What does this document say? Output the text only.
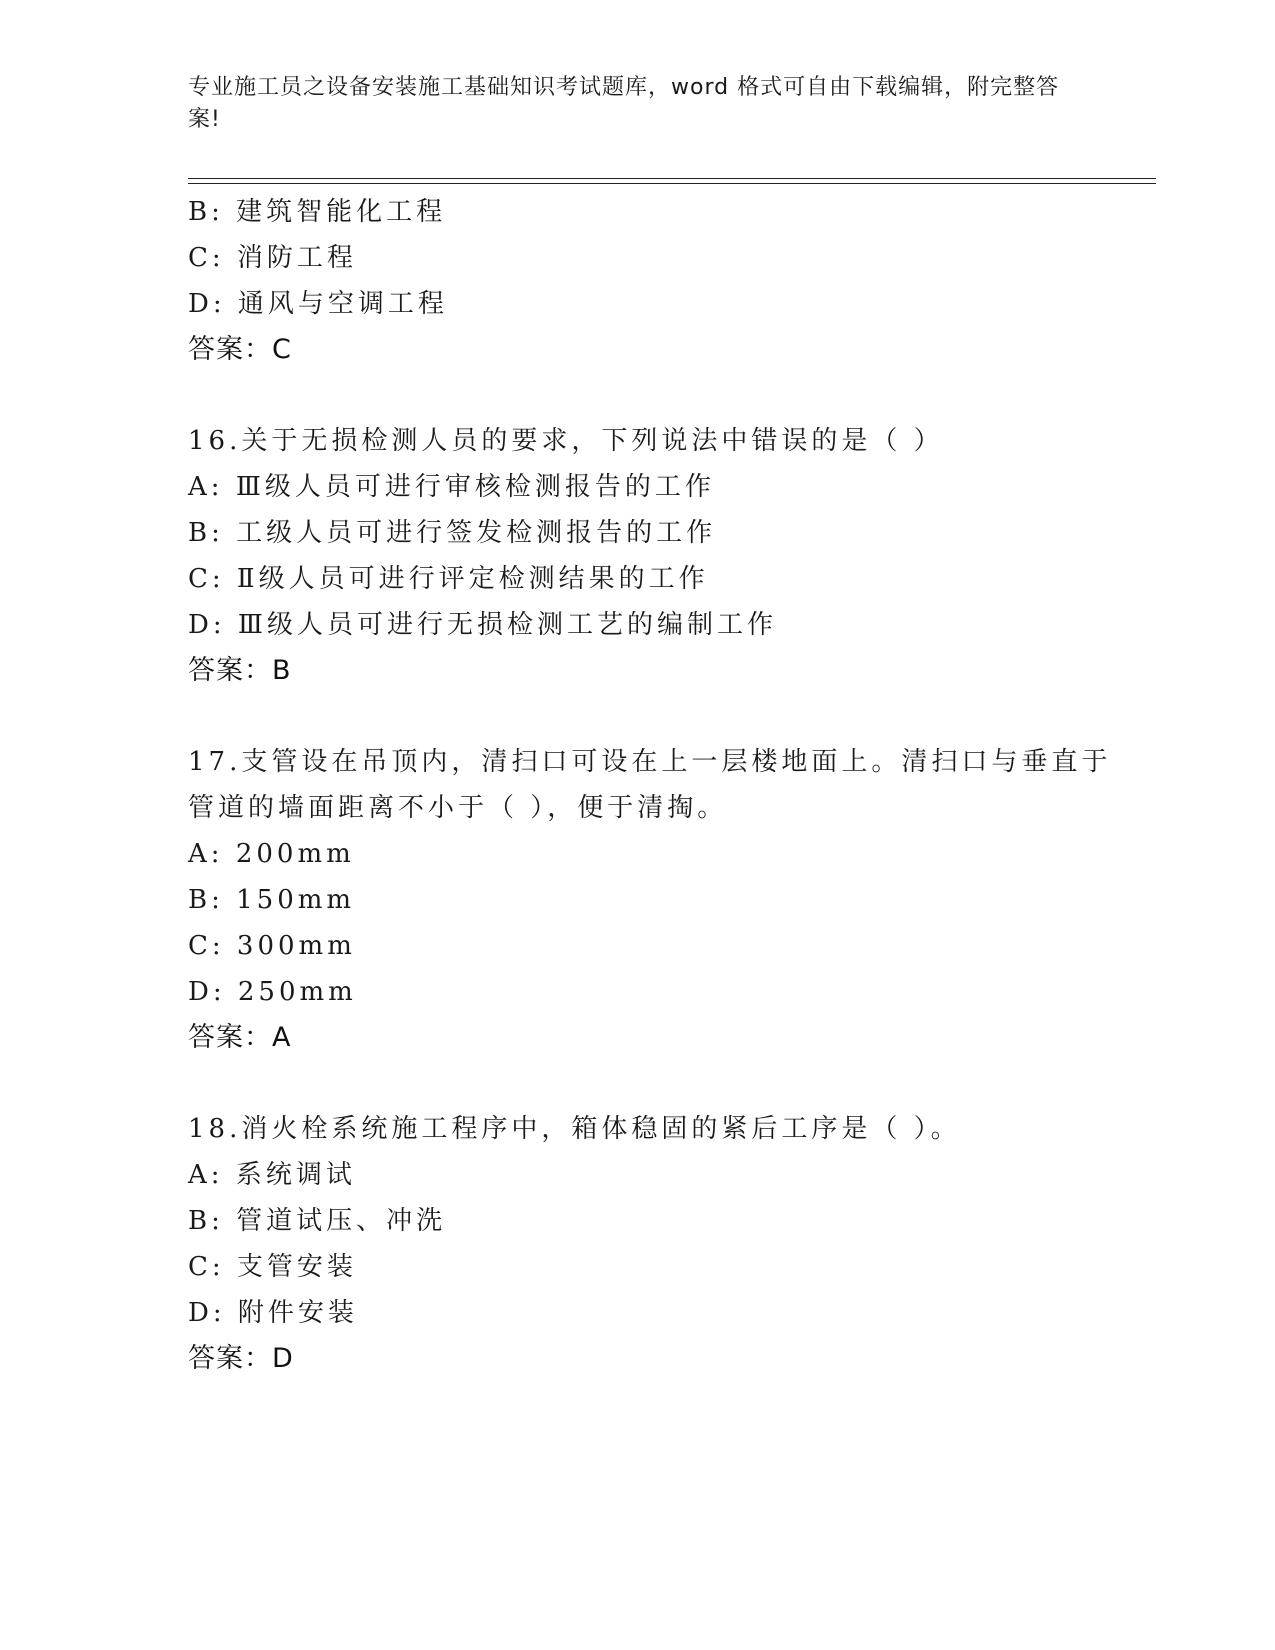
专业施工员之设备安装施工基础知识考试题库，word 格式可自由下载编辑，附完整答案!
B: 建筑智能化工程
C: 消防工程
D: 通风与空调工程
答案：C
16.关于无损检测人员的要求，下列说法中错误的是（ ）
A: Ⅲ级人员可进行审核检测报告的工作
B: 工级人员可进行签发检测报告的工作
C: Ⅱ级人员可进行评定检测结果的工作
D: Ⅲ级人员可进行无损检测工艺的编制工作
答案：B
17.支管设在吊顶内，清扫口可设在上一层楼地面上。清扫口与垂直于
管道的墙面距离不小于（ ），便于清掏。
A: 200mm
B: 150mm
C: 300mm
D: 250mm
答案：A
18.消火栓系统施工程序中，箱体稳固的紧后工序是（ ）。
A: 系统调试
B: 管道试压、冲洗
C: 支管安装
D: 附件安装
答案：D
